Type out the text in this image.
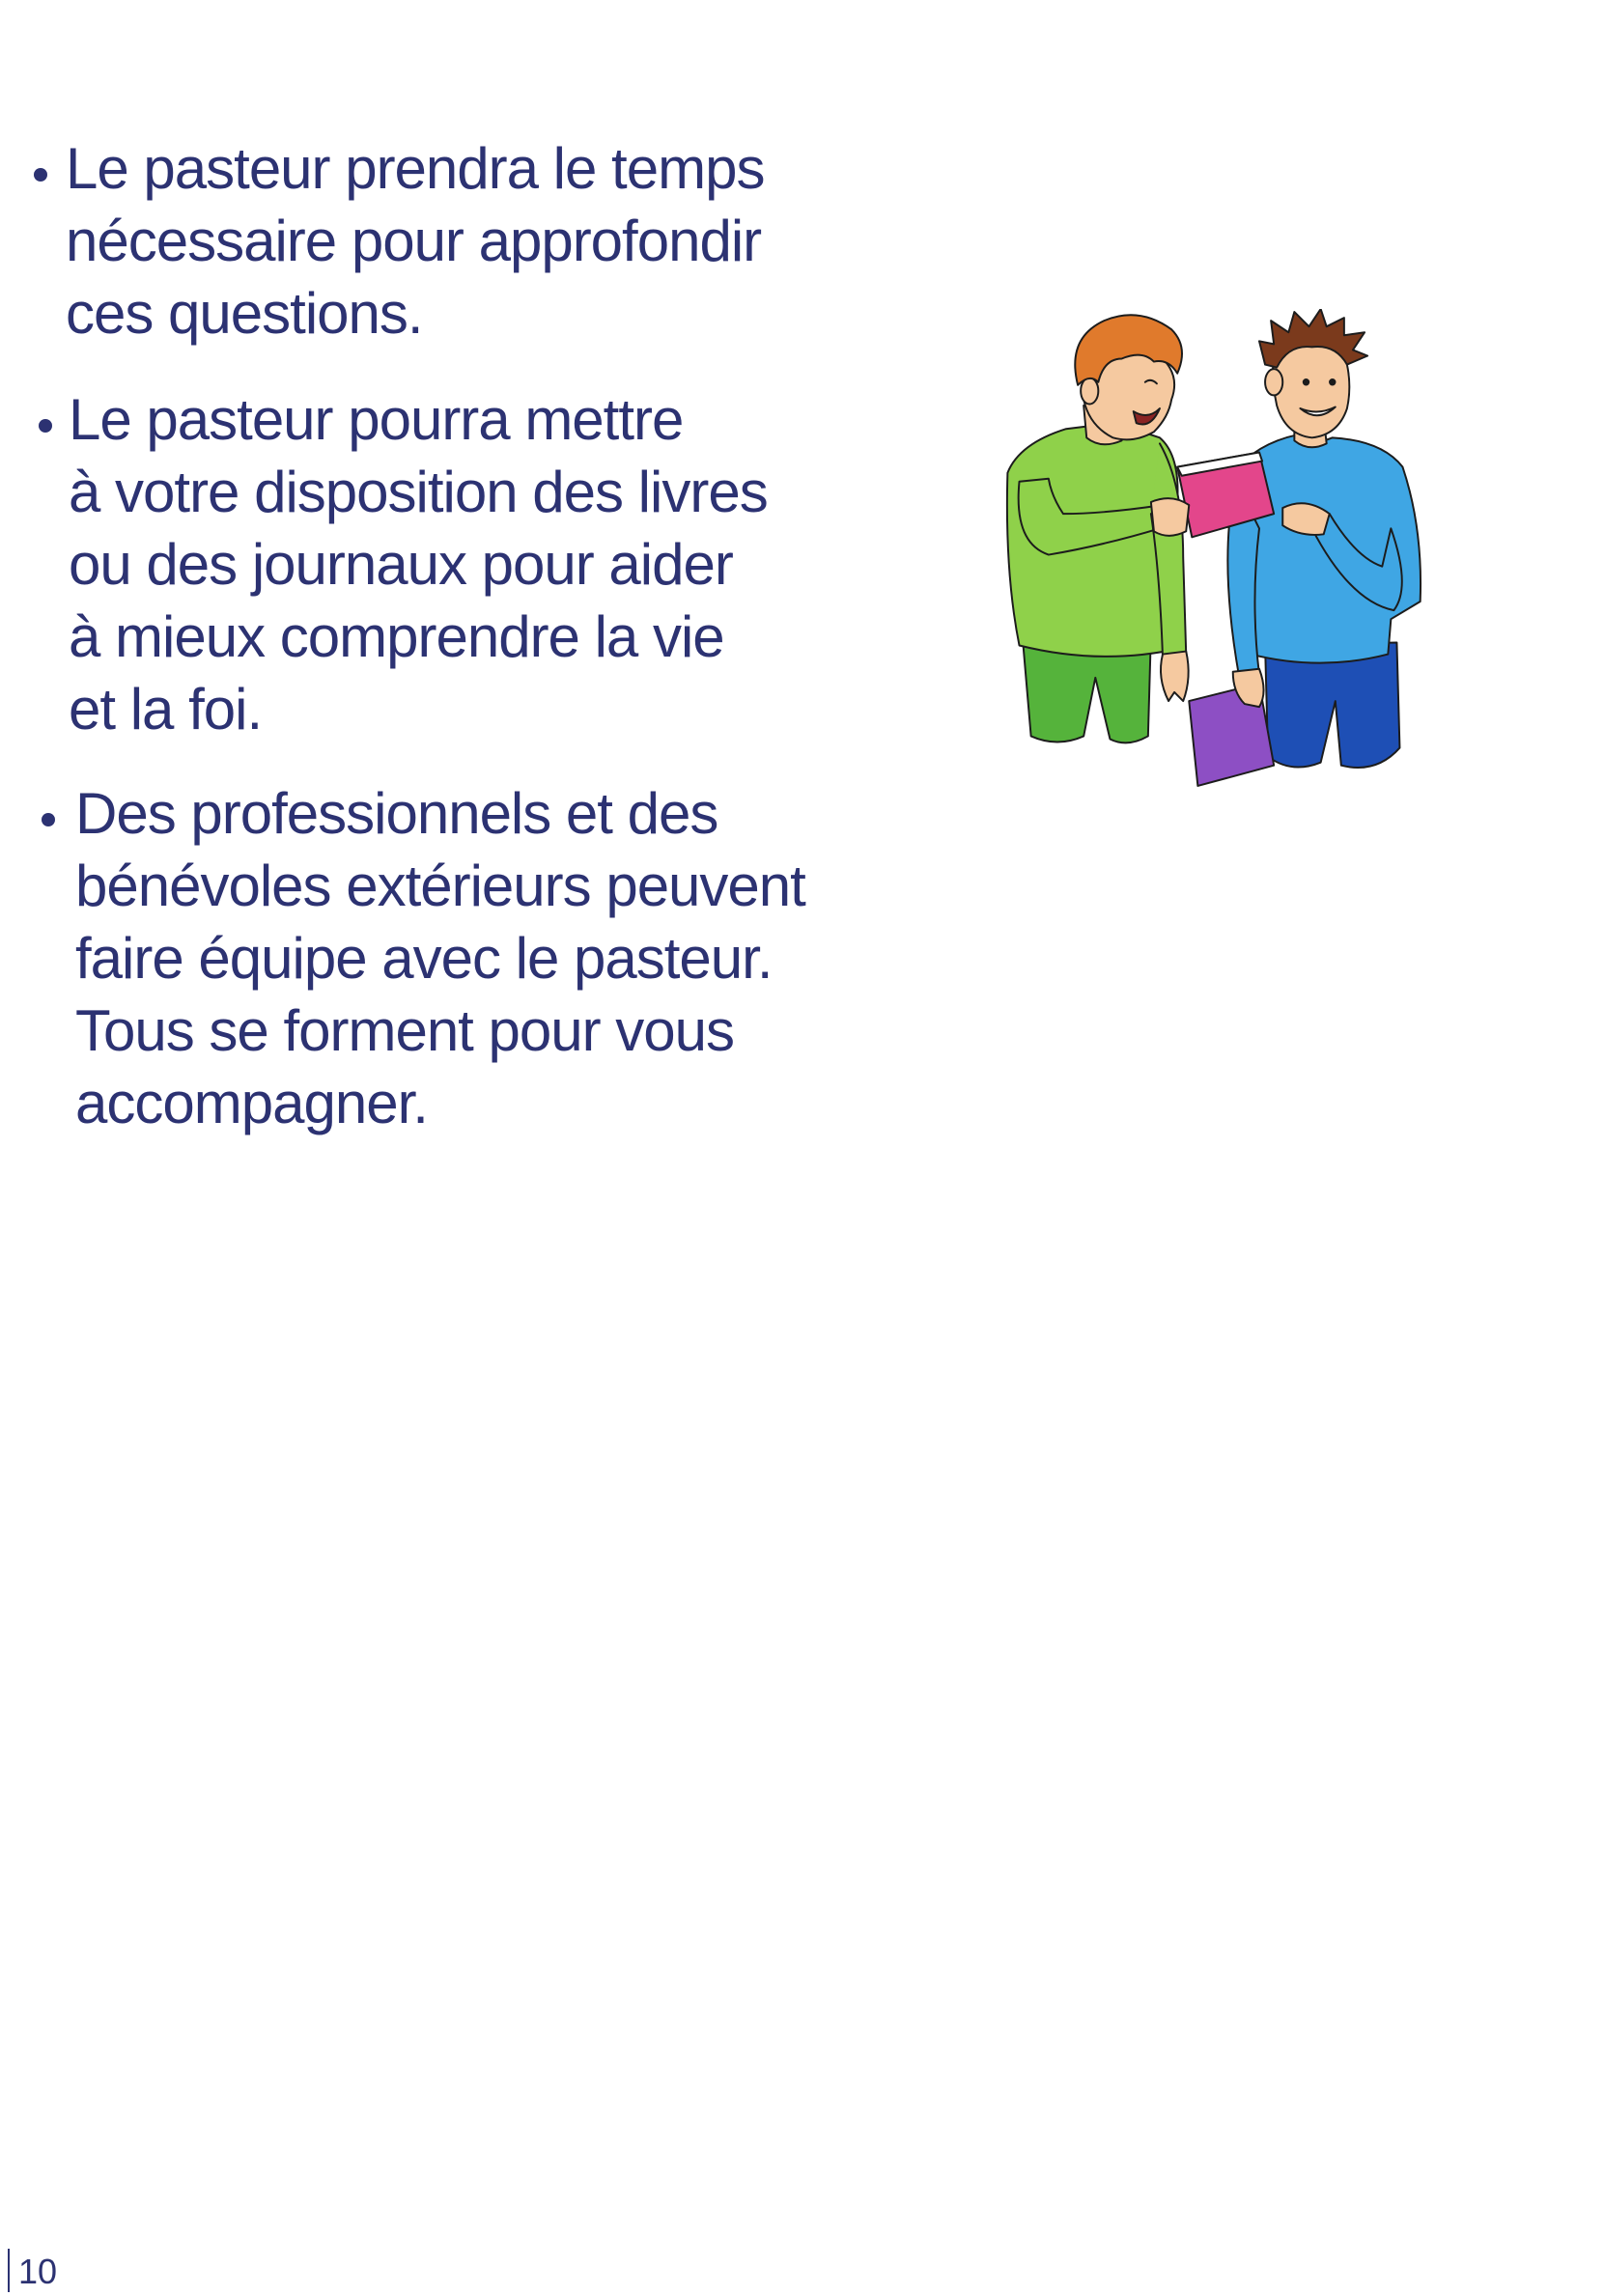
Le pasteur prendra le temps
nécessaire pour approfondir
ces questions.
Le pasteur pourra mettre
à votre disposition des livres
ou des journaux pour aider
à mieux comprendre la vie
et la foi.
Des professionnels et des
bénévoles extérieurs peuvent
faire équipe avec le pasteur.
Tous se forment pour vous
accompagner.
10
